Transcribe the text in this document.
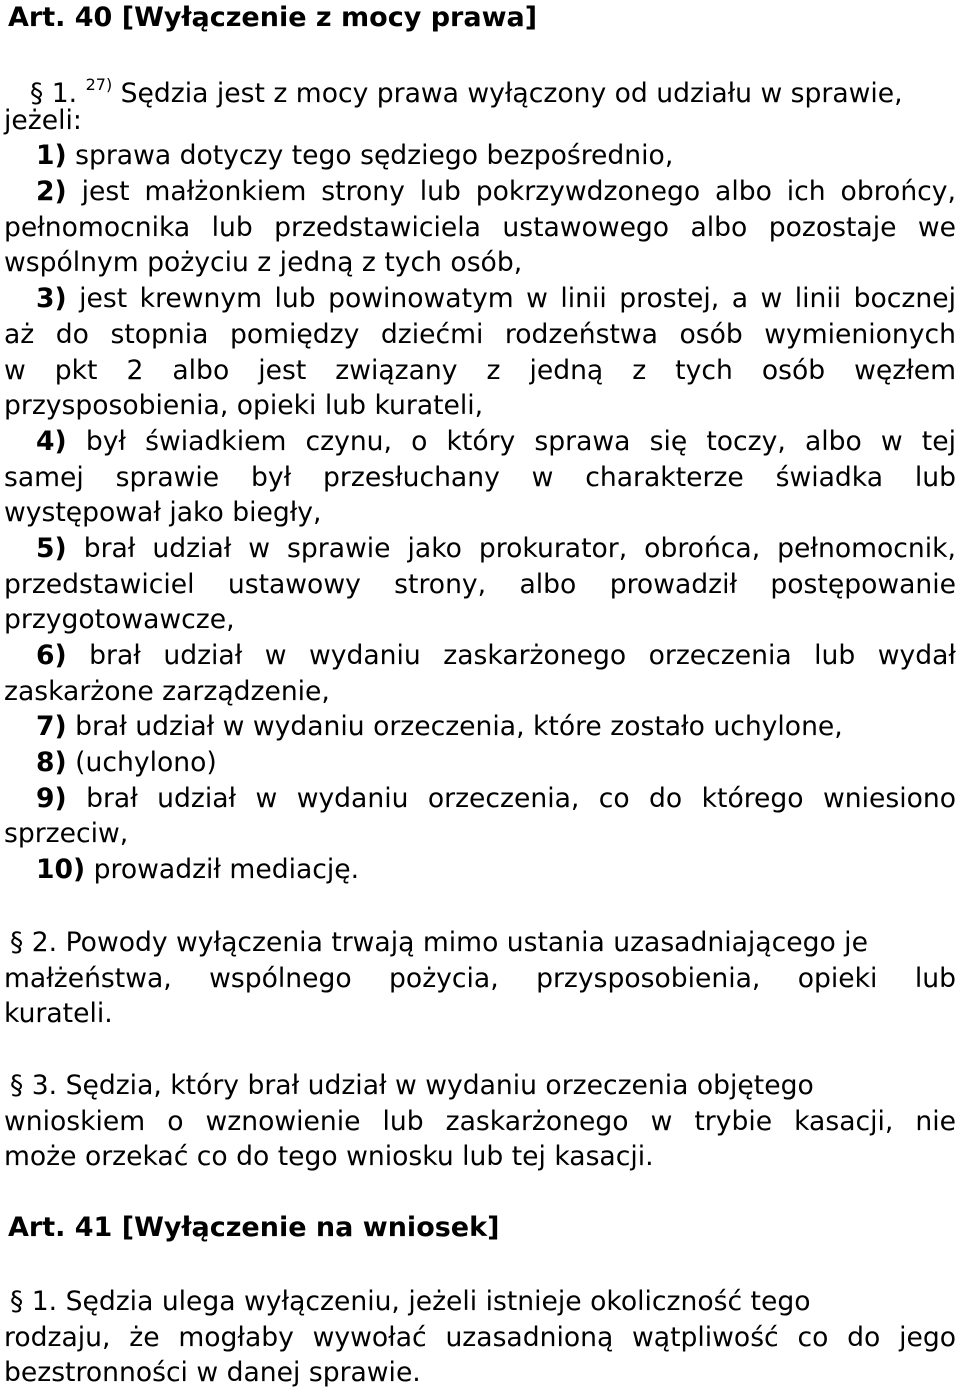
Art. 40 [Wyłączenie z mocy prawa]
§ 1. $^{27)}$ Sędzia jest z mocy prawa wyłączony od udziału w sprawie,
jeżeli:
1) sprawa dotyczy tego sędziego bezpośrednio,
2) jest małżonkiem strony lub pokrzywdzonego albo ich obrońcy,
pełnomocnika lub przedstawiciela ustawowego albo pozostaje we
wspólnym pożyciu z jedną z tych osób,
3) jest krewnym lub powinowatym w linii prostej, a w linii bocznej
aż do stopnia pomiędzy dziećmi rodzeństwa osób wymienionych
w pkt 2 albo jest związany z jedną z tych osób węzłem
przysposobienia, opieki lub kurateli,
4) był świadkiem czynu, o który sprawa się toczy, albo w tej
samej sprawie był przesłuchany w charakterze świadka lub
występował jako biegły,
5) brał udział w sprawie jako prokurator, obrońca, pełnomocnik,
przedstawiciel ustawowy strony, albo prowadził postępowanie
przygotowawcze,
6) brał udział w wydaniu zaskarżonego orzeczenia lub wydał
zaskarżone zarządzenie,
7) brał udział w wydaniu orzeczenia, które zostało uchylone,
8) (uchylono)
9) brał udział w wydaniu orzeczenia, co do którego wniesiono
sprzeciw,
10) prowadził mediację.
§ 2. Powody wyłączenia trwają mimo ustania uzasadniającego je
małżeństwa, wspólnego pożycia, przysposobienia, opieki lub
kurateli.
§ 3. Sędzia, który brał udział w wydaniu orzeczenia objętego
wnioskiem o wznowienie lub zaskarżonego w trybie kasacji, nie
może orzekać co do tego wniosku lub tej kasacji.
Art. 41 [Wyłączenie na wniosek]
§ 1. Sędzia ulega wyłączeniu, jeżeli istnieje okoliczność tego
rodzaju, że mogłaby wywołać uzasadnioną wątpliwość co do jego
bezstronności w danej sprawie.
